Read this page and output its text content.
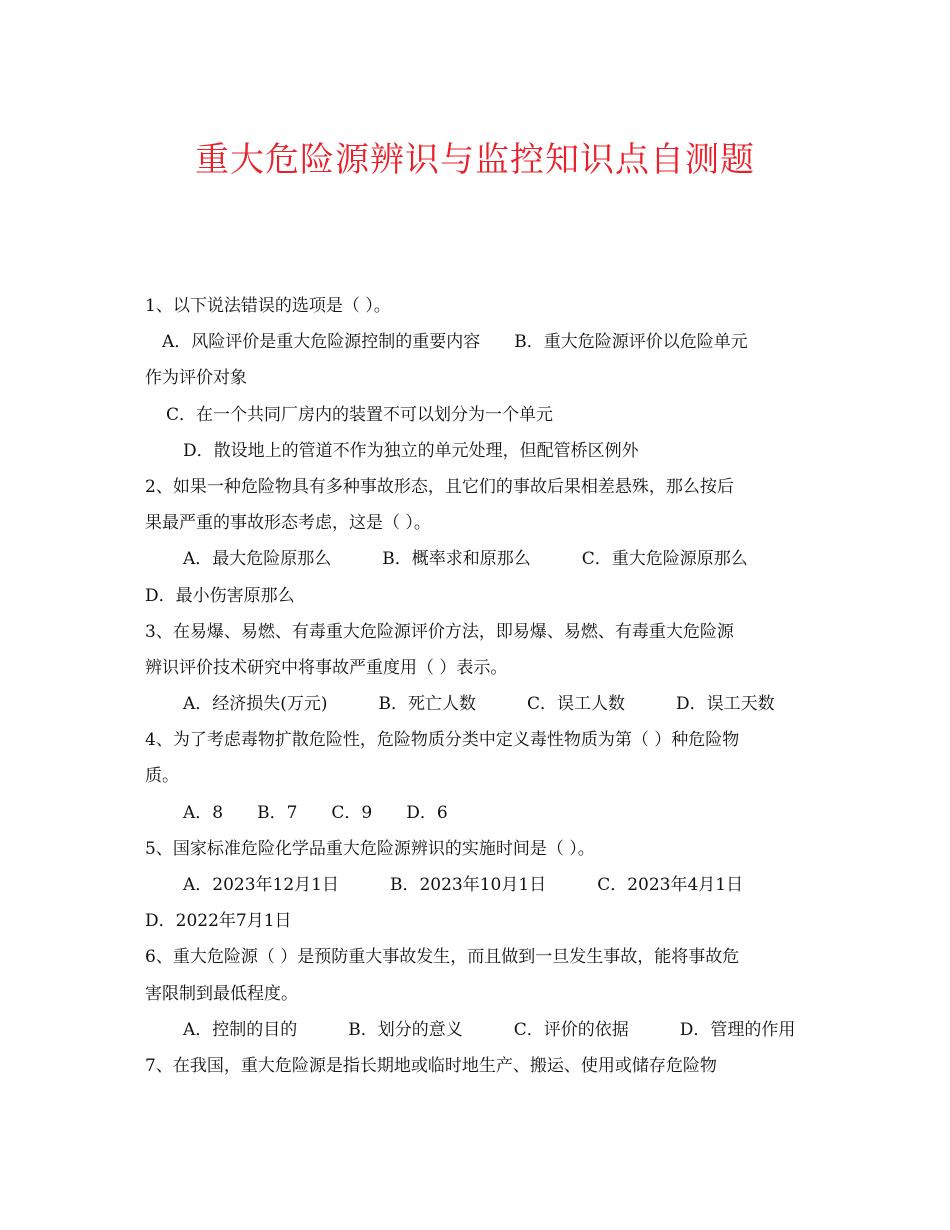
重大危险源辨识与监控知识点自测题
1、以下说法错误的选项是（ ）。
A．风险评价是重大危险源控制的重要内容　　B．重大危险源评价以危险单元
作为评价对象
C．在一个共同厂房内的装置不可以划分为一个单元
D．散设地上的管道不作为独立的单元处理，但配管桥区例外
2、如果一种危险物具有多种事故形态，且它们的事故后果相差悬殊，那么按后
果最严重的事故形态考虑，这是（ ）。
A．最大危险原那么　　　B．概率求和原那么　　　C．重大危险源原那么
D．最小伤害原那么
3、在易爆、易燃、有毒重大危险源评价方法，即易爆、易燃、有毒重大危险源
辨识评价技术研究中将事故严重度用（ ）表示。
A．经济损失(万元)　　　B．死亡人数　　　C．误工人数　　　D．误工天数
4、为了考虑毒物扩散危险性，危险物质分类中定义毒性物质为第（ ）种危险物
质。
A．8　　B．7　　C．9　　D．6
5、国家标准危险化学品重大危险源辨识的实施时间是（ ）。
A．2023年12月1日　　　B．2023年10月1日　　　C．2023年4月1日
D．2022年7月1日
6、重大危险源（ ）是预防重大事故发生，而且做到一旦发生事故，能将事故危
害限制到最低程度。
A．控制的目的　　　B．划分的意义　　　C．评价的依据　　　D．管理的作用
7、在我国，重大危险源是指长期地或临时地生产、搬运、使用或储存危险物
